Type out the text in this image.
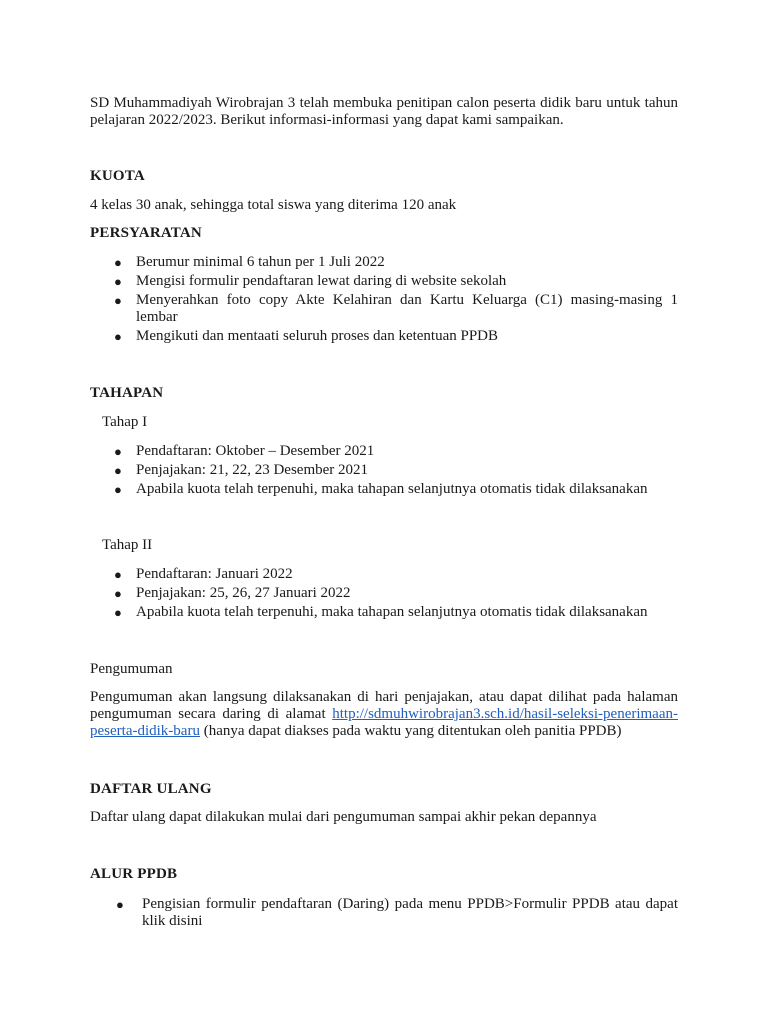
SD Muhammadiyah Wirobrajan 3 telah membuka penitipan calon peserta didik baru untuk tahun pelajaran 2022/2023. Berikut informasi-informasi yang dapat kami sampaikan.

KUOTA

4 kelas 30 anak, sehingga total siswa yang diterima 120 anak

PERSYARATAN
● Berumur minimal 6 tahun per 1 Juli 2022
● Mengisi formulir pendaftaran lewat daring di website sekolah
● Menyerahkan foto copy Akte Kelahiran dan Kartu Keluarga (C1) masing-masing 1 lembar
● Mengikuti dan mentaati seluruh proses dan ketentuan PPDB
TAHAPAN

Tahap I

● Pendaftaran: Oktober – Desember 2021
● Penjajakan: 21, 22, 23 Desember 2021
● Apabila kuota telah terpenuhi, maka tahapan selanjutnya otomatis tidak dilaksanakan

Tahap II

● Pendaftaran: Januari 2022
● Penjajakan: 25, 26, 27 Januari 2022
● Apabila kuota telah terpenuhi, maka tahapan selanjutnya otomatis tidak dilaksanakan

Pengumuman

Pengumuman akan langsung dilaksanakan di hari penjajakan, atau dapat dilihat pada halaman pengumuman secara daring di alamat http://sdmuhwirobrajan3.sch.id/hasil-seleksi-penerimaan-peserta-didik-baru (hanya dapat diakses pada waktu yang ditentukan oleh panitia PPDB)

DAFTAR ULANG

Daftar ulang dapat dilakukan mulai dari pengumuman sampai akhir pekan depannya

ALUR PPDB
● Pengisian formulir pendaftaran (Daring) pada menu PPDB>Formulir PPDB atau dapat klik disini
